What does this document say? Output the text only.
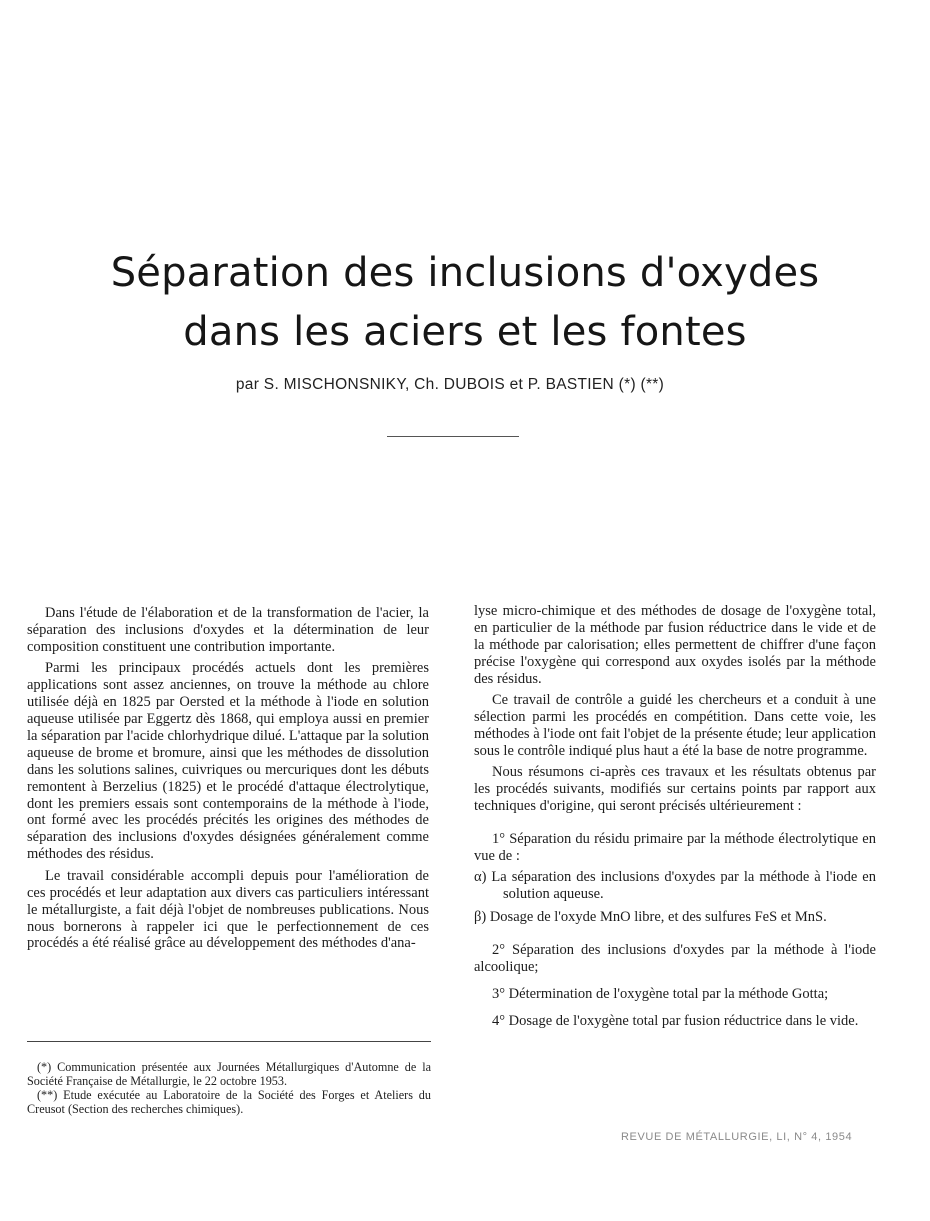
Séparation des inclusions d'oxydes
dans les aciers et les fontes
par S. MISCHONSNIKY, Ch. DUBOIS et P. BASTIEN (*) (**)

Dans l'étude de l'élaboration et de la transformation de l'acier, la séparation des inclusions d'oxydes et la détermination de leur composition constituent une contribution importante.

Parmi les principaux procédés actuels dont les premières applications sont assez anciennes, on trouve la méthode au chlore utilisée déjà en 1825 par Oersted et la méthode à l'iode en solution aqueuse utilisée par Eggertz dès 1868, qui employa aussi en premier la séparation par l'acide chlorhydrique dilué. L'attaque par la solution aqueuse de brome et bromure, ainsi que les méthodes de dissolution dans les solutions salines, cuivriques ou mercuriques dont les débuts remontent à Berzelius (1825) et le procédé d'attaque électrolytique, dont les premiers essais sont contemporains de la méthode à l'iode, ont formé avec les procédés précités les origines des méthodes de séparation des inclusions d'oxydes désignées généralement comme méthodes des résidus.

Le travail considérable accompli depuis pour l'amélioration de ces procédés et leur adaptation aux divers cas particuliers intéressant le métallurgiste, a fait déjà l'objet de nombreuses publications. Nous nous bornerons à rappeler ici que le perfectionnement de ces procédés a été réalisé grâce au développement des méthodes d'ana-

lyse micro-chimique et des méthodes de dosage de l'oxygène total, en particulier de la méthode par fusion réductrice dans le vide et de la méthode par calorisation; elles permettent de chiffrer d'une façon précise l'oxygène qui correspond aux oxydes isolés par la méthode des résidus.

Ce travail de contrôle a guidé les chercheurs et a conduit à une sélection parmi les procédés en compétition. Dans cette voie, les méthodes à l'iode ont fait l'objet de la présente étude; leur application sous le contrôle indiqué plus haut a été la base de notre programme.

Nous résumons ci-après ces travaux et les résultats obtenus par les procédés suivants, modifiés sur certains points par rapport aux techniques d'origine, qui seront précisés ultérieurement :

1° Séparation du résidu primaire par la méthode électrolytique en vue de :

α) La séparation des inclusions d'oxydes par la méthode à l'iode en solution aqueuse.

β) Dosage de l'oxyde MnO libre, et des sulfures FeS et MnS.

2° Séparation des inclusions d'oxydes par la méthode à l'iode alcoolique;

3° Détermination de l'oxygène total par la méthode Gotta;

4° Dosage de l'oxygène total par fusion réductrice dans le vide.

(*) Communication présentée aux Journées Métallurgiques d'Automne de la Société Française de Métallurgie, le 22 octobre 1953.

(**) Etude exécutée au Laboratoire de la Société des Forges et Ateliers du Creusot (Section des recherches chimiques).

REVUE DE MÉTALLURGIE, LI, N° 4, 1954
